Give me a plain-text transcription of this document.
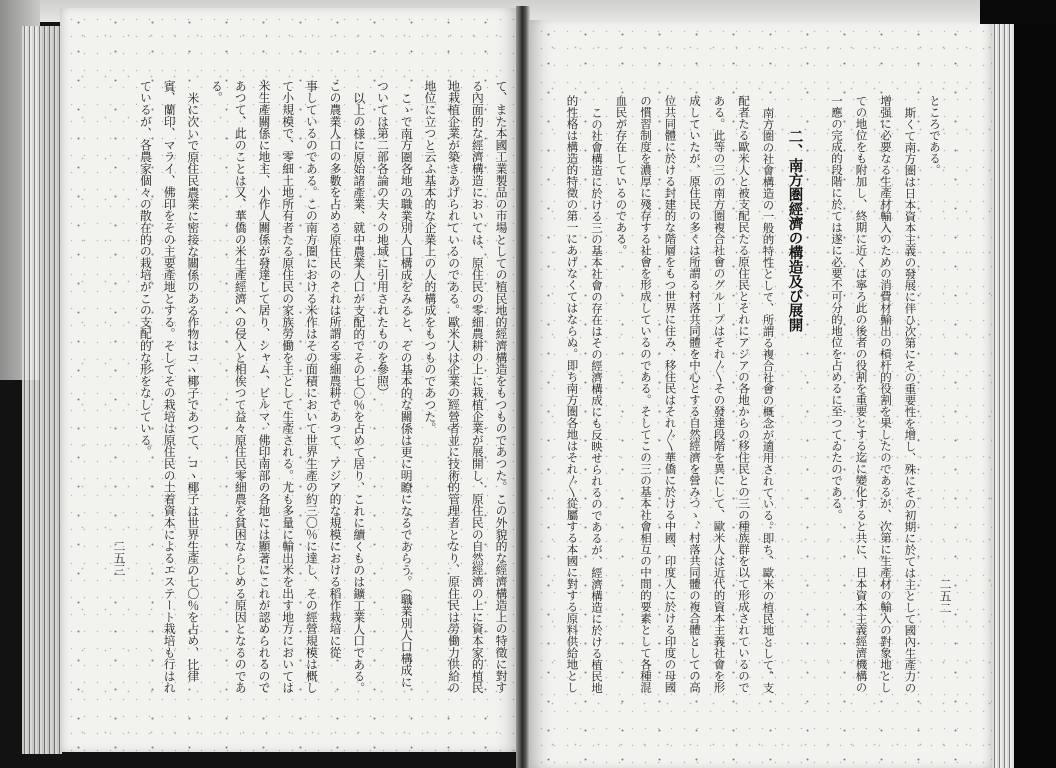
て、また本國工業製品の市場としての植民地的經濟構造をもつものであつた。この外貌的な經濟構造上の特徵に對す
る內面的な經濟構造においては、原住民の零細農耕の上に栽植企業が展開し、原住民の自然經濟の上に資本家的植民
地栽植企業が築きあげられているのである。歐米人は企業の經營者並に技術的管理者となり、原住民は勞働力供給の
地位に立つと云ふ基本的な企業上の人的構成をもつものであつた。
こゝで南方圏各地の職業別人口構成をみると、その基本的な關係は更に明瞭になるであらう。（職業別人口構成に
ついては第二部各論の夫々の地域に引用されたものを參照）
以上の様に原始諸產業、就中農業人口が支配的でその七〇％を占めて居り、これに續くものは鑛工業人口である。
この農業人口の多數を占める原住民のそれは所謂る零細農耕であつて、アジア的な規模における稻作栽培に從
事しているのである。この南方圏における米作はその面積において世界生產の約三〇％に達し、その經營規模は概し
て小規模で、零細土地所有者たる原住民の家族勞働を主として生產される。尤も多量に輸出米を出す地方においては
米生產關係に地主、小作人關係が發達して居り、シャム、ビルマ、佛印南部の各地には顯著にこれが認められるので
あつて、此のことは又、華僑の米生產經濟への侵入と相俟つて益々原住民零細農を貧困ならしめる原因となるのであ
る。
米に次いで原住民農業に密接な關係のある作物はコヽ椰子であつて、コヽ椰子は世界生產の七〇％を占め、比律
賓、蘭印、マライ、佛印をその主要產地とする。そしてその栽培は原住民の土着資本によるエステート栽培も行はれ
ているが、各農家個々の散在的の栽培がこの支配的な形をなしている。
二五三
ところである。
斯くて南方圏は日本資本主義の發展に伴ひ次第にその重要性を增し、殊にその初期に於ては主として國內生產力の
增强に必要なる生產材輸入のための消費材輸出の槓杆的役割を果したのであるが、次第に生產材の輸入の對象地とし
ての地位をも附加し、終期に近くは寧ろ此の後者の役割を重要とする迄に變化すると共に、日本資本主義經濟機構の
一應の完成的段階に於ては遂に必要不可分的地位を占めるに至つてゐたのである。
二、南方圏經濟の構造及び展開
南方圏の社會構造の一般的特性として、所謂る複合社會の概念が適用されている。即ち、歐米の植民地として、支
配者たる歐米人と被支配民たる原住民とそれにアジアの各地からの移住民との三の種族群を以て形成されているので
ある。此等の三の南方圏複合社會のグループはそれ〴〵その發達段階を異にして、歐米人は近代的資本主義社會を形
成していたが、原住民の多くは所謂る村落共同體を中心とする自然經濟を營みつゝ、村落共同體の複合體としての高
位共同體に於ける封建的な階層をもつ世界に住み、移住民はそれ〴〵華僑に於ける中國、印度人に於ける印度の母國
の慣習制度を濃厚に殘存する社會を形成しているのである。そしてこの三の基本社會相互の中間的要素として各種混
血民が存在しているのである。
この社會構造に於ける三の基本社會の存在はその經濟構成にも反映せられるのであるが、經濟構造に於ける植民地
的性格は構造的特徵の第一にあげなくてはならぬ。即ち南方圏各地はそれ〴〵從屬する本國に對する原料供給地とし	二五二
